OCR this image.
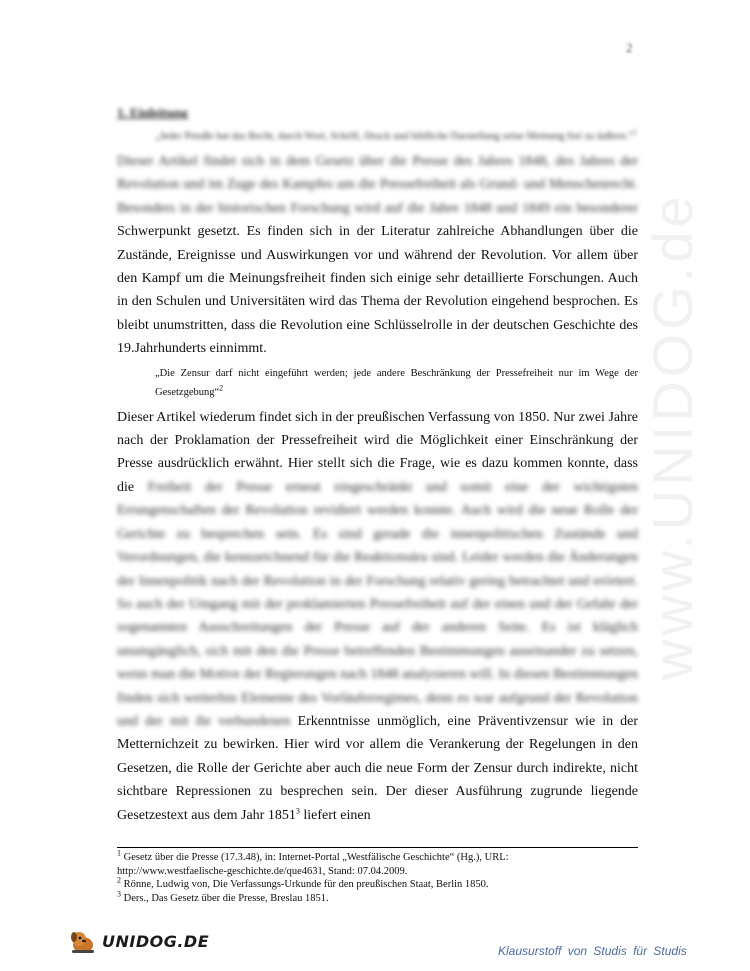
2
www.UNIDOG.de
1. Einleitung

„Jeder Preuße hat das Recht, durch Wort, Schrift, Druck und bildliche Darstellung seine Meinung frei zu äußern.“$^1$

Dieser Artikel findet sich in dem Gesetz über die Presse des Jahres 1848, des Jahres der Revolution und im Zuge des Kampfes um die Pressefreiheit als Grund- und Menschenrecht. Besonders in der historischen Forschung wird auf die Jahre 1848 und 1849 ein besonderer Schwerpunkt gesetzt. Es finden sich in der Literatur zahlreiche Abhandlungen über die Zustände, Ereignisse und Auswirkungen vor und während der Revolution. Vor allem über den Kampf um die Meinungsfreiheit finden sich einige sehr detaillierte Forschungen. Auch in den Schulen und Universitäten wird das Thema der Revolution eingehend besprochen. Es bleibt unumstritten, dass die Revolution eine Schlüsselrolle in der deutschen Geschichte des 19.Jahrhunderts einnimmt.

„Die Zensur darf nicht eingeführt werden; jede andere Beschränkung der Pressefreiheit nur im Wege der Gesetzgebung“$^2$

Dieser Artikel wiederum findet sich in der preußischen Verfassung von 1850. Nur zwei Jahre nach der Proklamation der Pressefreiheit wird die Möglichkeit einer Einschränkung der Presse ausdrücklich erwähnt. Hier stellt sich die Frage, wie es dazu kommen konnte, dass die Freiheit der Presse erneut eingeschränkt und somit eine der wichtigsten Errungenschaften der Revolution revidiert werden konnte. Auch wird die neue Rolle der Gerichte zu besprechen sein. Es sind gerade die innenpolitischen Zustände und Verordnungen, die kennzeichnend für die Reaktionsära sind. Leider werden die Änderungen der Innenpolitik nach der Revolution in der Forschung relativ gering betrachtet und erörtert. So auch der Umgang mit der proklamierten Pressefreiheit auf der einen und der Gefahr der sogenannten Ausschreitungen der Presse auf der anderen Seite. Es ist kläglich unumgänglich, sich mit den die Presse betreffenden Bestimmungen auseinander zu setzen, wenn man die Motive der Regierungen nach 1848 analysieren will. In diesen Bestimmungen finden sich weiterhin Elemente des Vorläuferregimes, denn es war aufgrund der Revolution und der mit ihr verbundenen Erkenntnisse unmöglich, eine Präventivzensur wie in der Metternichzeit zu bewirken. Hier wird vor allem die Verankerung der Regelungen in den Gesetzen, die Rolle der Gerichte aber auch die neue Form der Zensur durch indirekte, nicht sichtbare Repressionen zu besprechen sein. Der dieser Ausführung zugrunde liegende Gesetzestext aus dem Jahr 1851$^3$ liefert einen

$^1$ Gesetz über die Presse (17.3.48), in: Internet-Portal „Westfälische Geschichte“ (Hg.), URL:
http://www.westfaelische-geschichte.de/que4631, Stand: 07.04.2009.
$^2$ Rönne, Ludwig von, Die Verfassungs-Urkunde für den preußischen Staat, Berlin 1850.
$^3$ Ders., Das Gesetz über die Presse, Breslau 1851.
UNIDOG.DE
Klausurstoff von Studis für Studis
